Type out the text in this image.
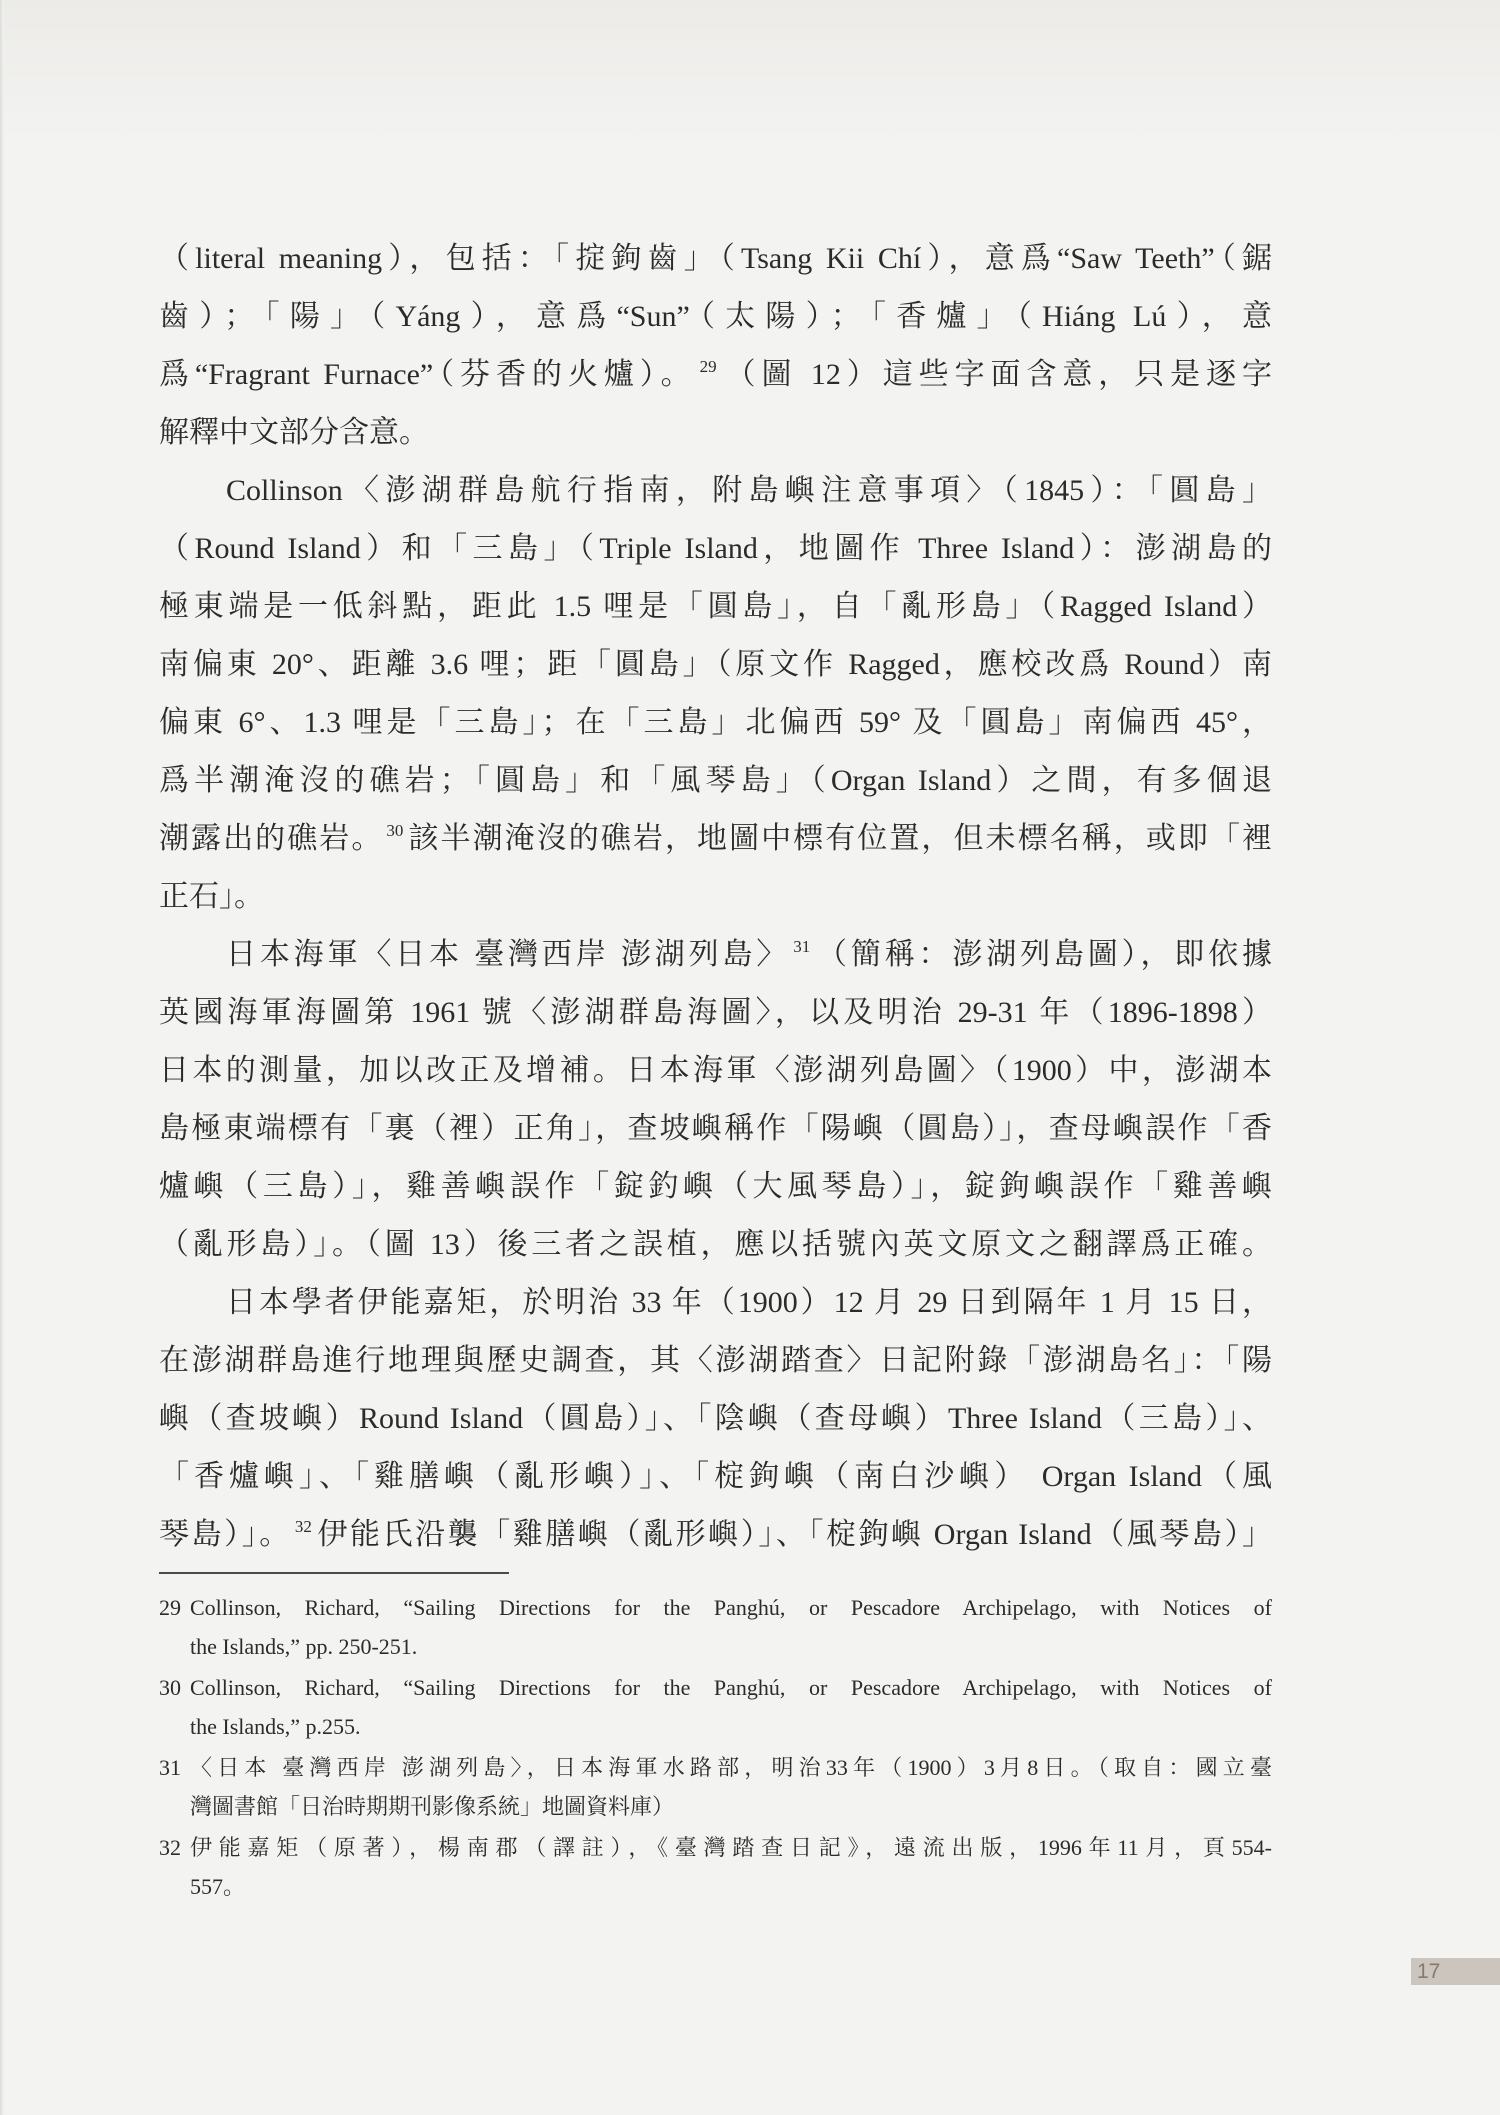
（literal meaning），包括：「掟鉤齒」（Tsang Kii Chí），意爲“Saw Teeth”（鋸
齒）；「陽」（Yáng），意爲“Sun”（太陽）；「香爐」（Hiáng Lú），意
爲“Fragrant Furnace”（芬香的火爐）。 $^{29}$ （圖 12）這些字面含意，只是逐字
解釋中文部分含意。
Collinson〈澎湖群島航行指南，附島嶼注意事項〉（1845）：「圓島」
（Round Island）和「三島」（Triple Island，地圖作 Three Island）：澎湖島的
極東端是一低斜點，距此 1.5 哩是「圓島」，自「亂形島」（Ragged Island）
南偏東 20°、距離 3.6 哩；距「圓島」（原文作 Ragged，應校改爲 Round）南
偏東 6°、1.3 哩是「三島」；在「三島」北偏西 59° 及「圓島」南偏西 45°，
爲半潮淹沒的礁岩；「圓島」和「風琴島」（Organ Island）之間，有多個退
潮露出的礁岩。 $^{30}$ 該半潮淹沒的礁岩，地圖中標有位置，但未標名稱，或即「裡
正石」。
日本海軍〈日本 臺灣西岸 澎湖列島〉 $^{31}$ （簡稱：澎湖列島圖），即依據
英國海軍海圖第 1961 號〈澎湖群島海圖〉，以及明治 29-31 年（1896-1898）
日本的測量，加以改正及增補。日本海軍〈澎湖列島圖〉（1900）中，澎湖本
島極東端標有「裏（裡）正角」，查坡嶼稱作「陽嶼（圓島）」，查母嶼誤作「香
爐嶼（三島）」，雞善嶼誤作「錠釣嶼（大風琴島）」，錠鉤嶼誤作「雞善嶼
（亂形島）」。（圖 13）後三者之誤植，應以括號內英文原文之翻譯爲正確。
日本學者伊能嘉矩，於明治 33 年（1900）12 月 29 日到隔年 1 月 15 日，
在澎湖群島進行地理與歷史調查，其〈澎湖踏查〉日記附錄「澎湖島名」：「陽
嶼（查坡嶼）Round Island（圓島）」、「陰嶼（查母嶼）Three Island（三島）」、
「香爐嶼」、「雞膳嶼（亂形嶼）」、「椗鉤嶼（南白沙嶼） Organ Island（風
琴島）」。 $^{32}$ 伊能氏沿襲「雞膳嶼（亂形嶼）」、「椗鉤嶼 Organ Island（風琴島）」
29 Collinson, Richard, “Sailing Directions for the Panghú, or Pescadore Archipelago, with Notices of
the Islands,” pp. 250-251.
30 Collinson, Richard, “Sailing Directions for the Panghú, or Pescadore Archipelago, with Notices of
the Islands,” p.255.
31 〈日本 臺灣西岸 澎湖列島〉，日本海軍水路部，明治33年（1900）3月8日。（取自：國立臺
灣圖書館「日治時期期刊影像系統」地圖資料庫）
32 伊能嘉矩（原著），楊南郡（譯註），《臺灣踏查日記》，遠流出版，1996年11月，頁554-
557。
17
